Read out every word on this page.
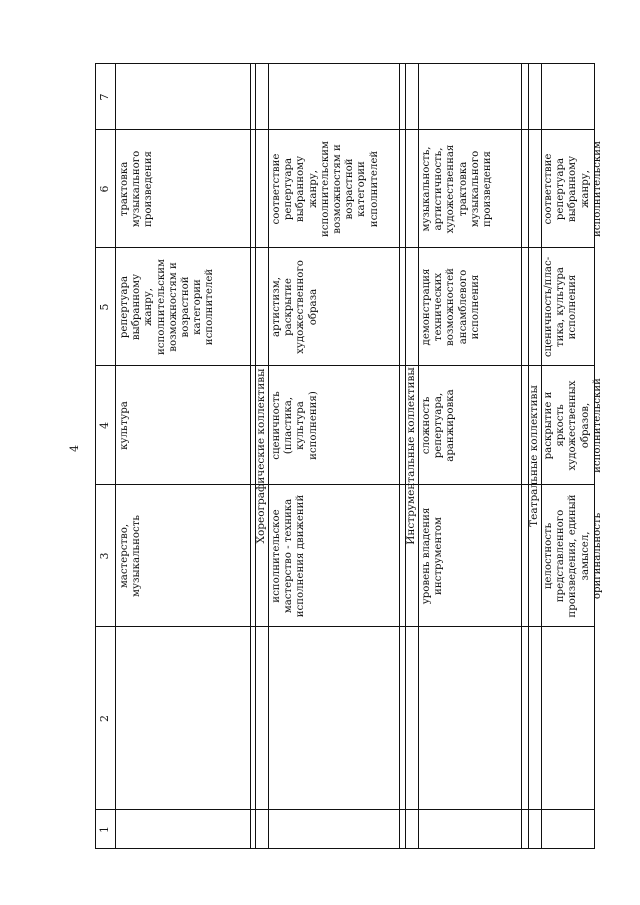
4
1
2
3
4
5
6
7
мастерство, музыкальность
культура
репертуара выбранному жанру, исполнительским возможностям и возрастной категории исполнителей
трактовка музыкального произведения
Хореографические коллективы
исполнительское мастерство - техника исполнения движений
сценичность (пластика, культура исполнения)
артистизм, раскрытие художественного образа
соответствие репертуара выбранному жанру, исполнительским возможностям и возрастной категории исполнителей
Инструментальные коллективы
уровень владения инструментом
сложность репертуара, аранжировка
демонстрация технических возможностей ансамблевого исполнения
музыкальность, артистичность, художественная трактовка музыкального произведения
Театральные коллективы
целостность представленного произведения, единый замысел, оригинальность
раскрытие и яркость художественных образов, исполнительский
сценичность/плас- тика, культура исполнения
соответствие репертуара выбранному жанру, исполнительским
